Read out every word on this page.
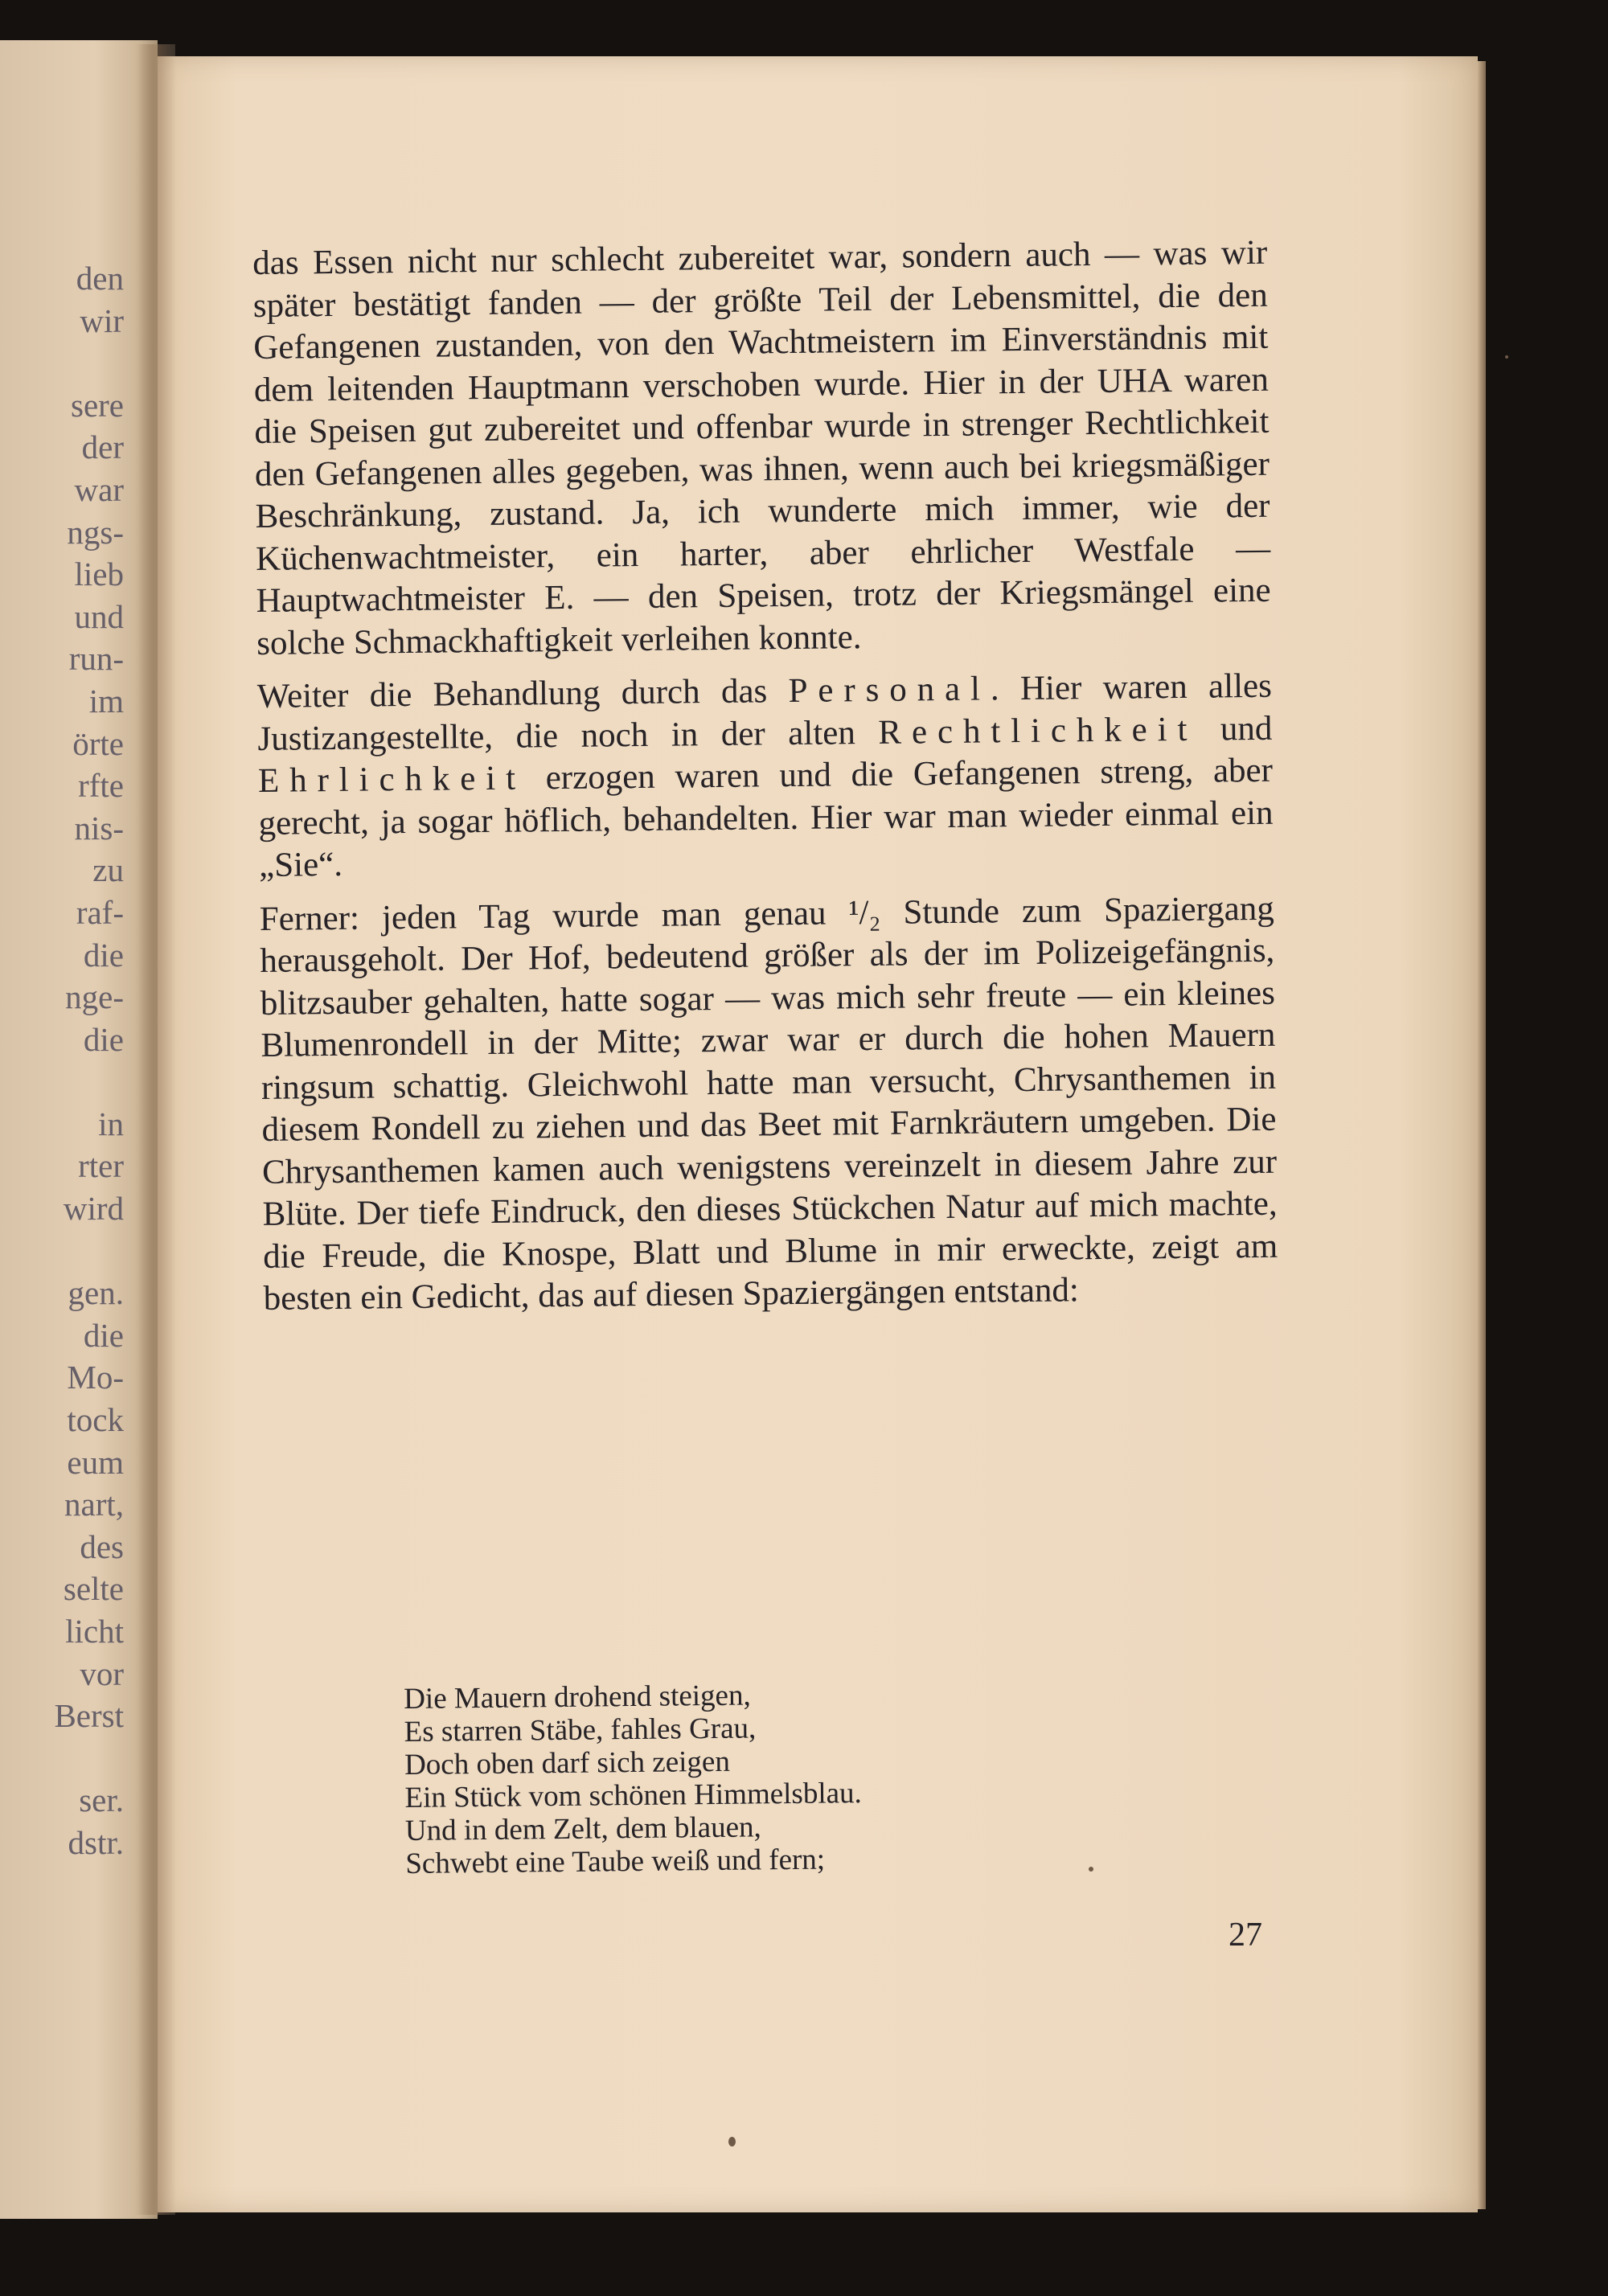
den
wir
sere
der
war
ngs-
lieb
und
run-
im
örte
rfte
nis-
zu
raf-
die
nge-
die
in
rter
wird
gen.
die
Mo-
tock
eum
nart,
des
selte
licht
vor
Berst
ser.
dstr.

das Essen nicht nur schlecht zubereitet war, sondern auch — was wir später bestätigt fanden — der größte Teil der Lebensmittel, die den Gefangenen zustanden, von den Wachtmeistern im Einverständnis mit dem leitenden Hauptmann verschoben wurde. Hier in der UHA waren die Speisen gut zubereitet und offenbar wurde in strenger Rechtlichkeit den Gefangenen alles gegeben, was ihnen, wenn auch bei kriegsmäßiger Beschränkung, zustand. Ja, ich wunderte mich immer, wie der Küchenwachtmeister, ein harter, aber ehrlicher Westfale — Hauptwachtmeister E. — den Speisen, trotz der Kriegsmängel eine solche Schmackhaftigkeit verleihen konnte.

Weiter die Behandlung durch das Personal. Hier waren alles Justizangestellte, die noch in der alten Rechtlichkeit und Ehrlichkeit erzogen waren und die Gefangenen streng, aber gerecht, ja sogar höflich, behandelten. Hier war man wieder einmal ein „Sie“.

Ferner: jeden Tag wurde man genau ¹/₂ Stunde zum Spaziergang herausgeholt. Der Hof, bedeutend größer als der im Polizeigefängnis, blitzsauber gehalten, hatte sogar — was mich sehr freute — ein kleines Blumenrondell in der Mitte; zwar war er durch die hohen Mauern ringsum schattig. Gleichwohl hatte man versucht, Chrysanthemen in diesem Rondell zu ziehen und das Beet mit Farnkräutern umgeben. Die Chrysanthemen kamen auch wenigstens vereinzelt in diesem Jahre zur Blüte. Der tiefe Eindruck, den dieses Stückchen Natur auf mich machte, die Freude, die Knospe, Blatt und Blume in mir erweckte, zeigt am besten ein Gedicht, das auf diesen Spaziergängen entstand:

Die Mauern drohend steigen,
Es starren Stäbe, fahles Grau,
Doch oben darf sich zeigen
Ein Stück vom schönen Himmelsblau.
Und in dem Zelt, dem blauen,
Schwebt eine Taube weiß und fern;
27
